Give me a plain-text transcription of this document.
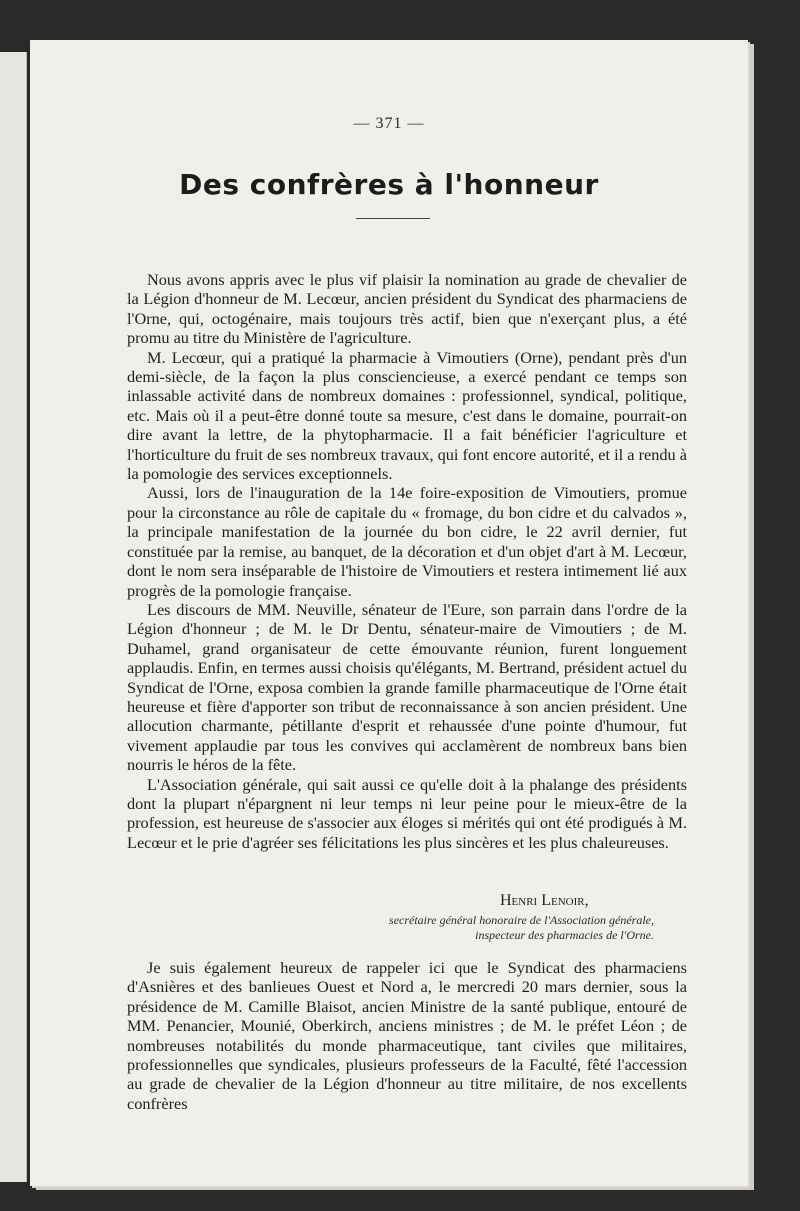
— 371 —
Des confrères à l'honneur

Nous avons appris avec le plus vif plaisir la nomination au grade de chevalier de la Légion d'honneur de M. Lecœur, ancien président du Syndicat des pharmaciens de l'Orne, qui, octogénaire, mais toujours très actif, bien que n'exerçant plus, a été promu au titre du Ministère de l'agriculture.

M. Lecœur, qui a pratiqué la pharmacie à Vimoutiers (Orne), pendant près d'un demi-siècle, de la façon la plus consciencieuse, a exercé pendant ce temps son inlassable activité dans de nombreux domaines : professionnel, syndical, politique, etc. Mais où il a peut-être donné toute sa mesure, c'est dans le domaine, pourrait-on dire avant la lettre, de la phytopharmacie. Il a fait bénéficier l'agriculture et l'horticulture du fruit de ses nombreux travaux, qui font encore autorité, et il a rendu à la pomologie des services exceptionnels.

Aussi, lors de l'inauguration de la 14e foire-exposition de Vimoutiers, promue pour la circonstance au rôle de capitale du « fromage, du bon cidre et du calvados », la principale manifestation de la journée du bon cidre, le 22 avril dernier, fut constituée par la remise, au banquet, de la décoration et d'un objet d'art à M. Lecœur, dont le nom sera inséparable de l'histoire de Vimoutiers et restera intimement lié aux progrès de la pomologie française.

Les discours de MM. Neuville, sénateur de l'Eure, son parrain dans l'ordre de la Légion d'honneur ; de M. le Dr Dentu, sénateur-maire de Vimoutiers ; de M. Duhamel, grand organisateur de cette émouvante réunion, furent longuement applaudis. Enfin, en termes aussi choisis qu'élégants, M. Bertrand, président actuel du Syndicat de l'Orne, exposa combien la grande famille pharmaceutique de l'Orne était heureuse et fière d'apporter son tribut de reconnaissance à son ancien président. Une allocution charmante, pétillante d'esprit et rehaussée d'une pointe d'humour, fut vivement applaudie par tous les convives qui acclamèrent de nombreux bans bien nourris le héros de la fête.

L'Association générale, qui sait aussi ce qu'elle doit à la phalange des présidents dont la plupart n'épargnent ni leur temps ni leur peine pour le mieux-être de la profession, est heureuse de s'associer aux éloges si mérités qui ont été prodigués à M. Lecœur et le prie d'agréer ses félicitations les plus sincères et les plus chaleureuses.

Henri Lenoir,
secrétaire général honoraire de l'Association générale,
inspecteur des pharmacies de l'Orne.

Je suis également heureux de rappeler ici que le Syndicat des pharmaciens d'Asnières et des banlieues Ouest et Nord a, le mercredi 20 mars dernier, sous la présidence de M. Camille Blaisot, ancien Ministre de la santé publique, entouré de MM. Penancier, Mounié, Oberkirch, anciens ministres ; de M. le préfet Léon ; de nombreuses notabilités du monde pharmaceutique, tant civiles que militaires, professionnelles que syndicales, plusieurs professeurs de la Faculté, fêté l'accession au grade de chevalier de la Légion d'honneur au titre militaire, de nos excellents confrères
